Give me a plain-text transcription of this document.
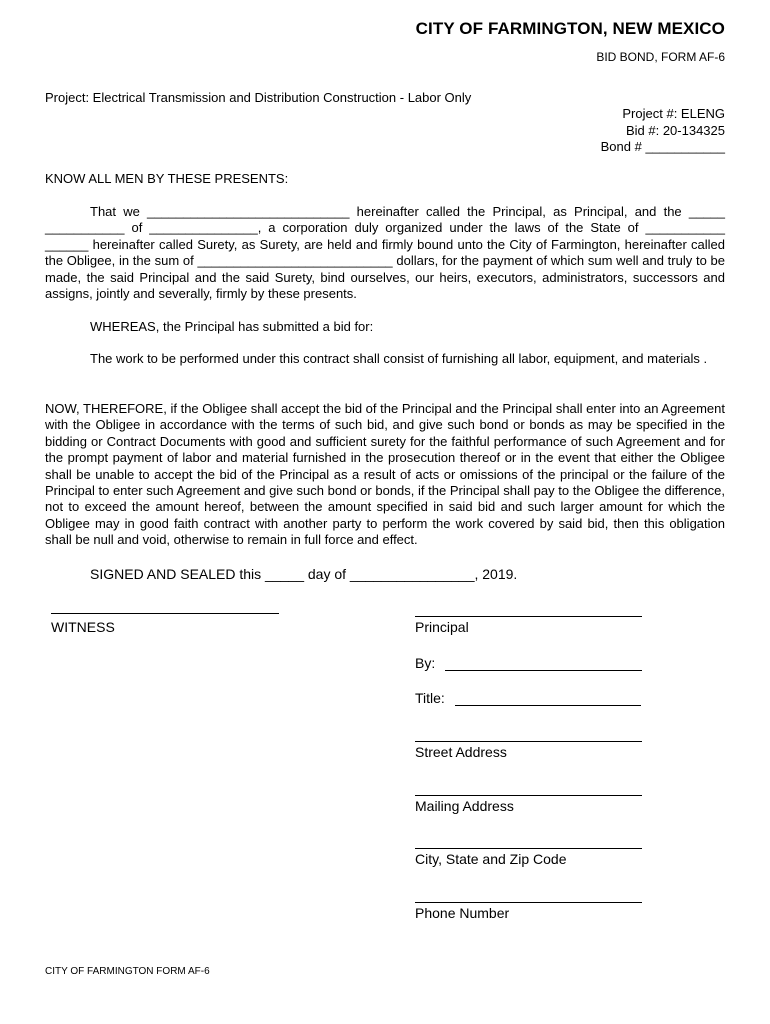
CITY OF FARMINGTON, NEW MEXICO
BID BOND, FORM AF-6
Project: Electrical Transmission and Distribution Construction - Labor Only
Project #: ELENG
Bid #: 20-134325
Bond # ___________
KNOW ALL MEN BY THESE PRESENTS:
That we ____________________________ hereinafter called the Principal, as Principal, and the _____ ___________ of _______________, a corporation duly organized under the laws of the State of ___________ ______ hereinafter called Surety, as Surety, are held and firmly bound unto the City of Farmington, hereinafter called the Obligee, in the sum of ___________________________ dollars, for the payment of which sum well and truly to be made, the said Principal and the said Surety, bind ourselves, our heirs, executors, administrators, successors and assigns, jointly and severally, firmly by these presents.
WHEREAS, the Principal has submitted a bid for:
The work to be performed under this contract shall consist of furnishing all labor, equipment, and materials .
NOW, THEREFORE, if the Obligee shall accept the bid of the Principal and the Principal shall enter into an Agreement with the Obligee in accordance with the terms of such bid, and give such bond or bonds as may be specified in the bidding or Contract Documents with good and sufficient surety for the faithful performance of such Agreement and for the prompt payment of labor and material furnished in the prosecution thereof or in the event that either the Obligee shall be unable to accept the bid of the Principal as a result of acts or omissions of the principal or the failure of the Principal to enter such Agreement and give such bond or bonds, if the Principal shall pay to the Obligee the difference, not to exceed the amount hereof, between the amount specified in said bid and such larger amount for which the Obligee may in good faith contract with another party to perform the work covered by said bid, then this obligation shall be null and void, otherwise to remain in full force and effect.
SIGNED AND SEALED this _____ day of ________________, 2019.
WITNESS	Principal
By:
Title:
Street Address
Mailing Address
City, State and Zip Code
Phone Number
CITY OF FARMINGTON FORM AF-6
